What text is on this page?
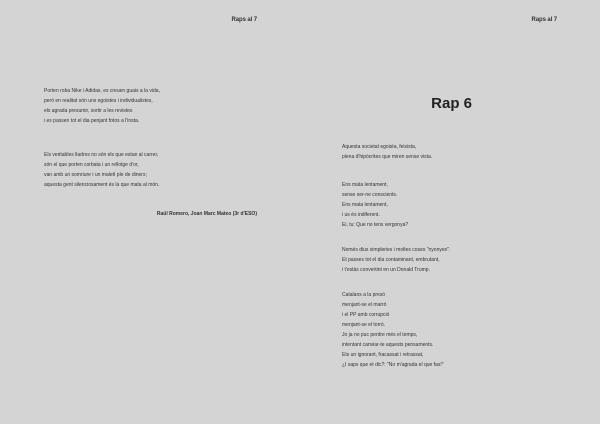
Raps al 7
Porten roba Nike i Adidas, es creuen guais a la vida,
però en realitat són uns egoistes i individualistes,
els agrada presumir, sortir a les revistes
i es passen tot el dia penjant fotos a l'insta.
Els veritables lladres no són els que estan al carrer,
són el que porten corbata i un rellotge d'or,
van amb un somriure i un maletí ple de diners;
aquesta gent silenciosament és la que mata al món.
Raül Romero, Joan Marc Mateo (3r d'ESO)
Raps al 7
Rap 6
Aquesta societat egoista, feixista,
plena d'hipòcrites que miren sense vista.
Ens mata lentament,
sense ser-ne conscients.
Ens mata lentament,
i us és indiferent.
Ei, tu: Que no tens vergonya?
Només dius ximpleries i moltes coses "nyonyes".
Et passes tot el dia contaminant, embrutant,
i t'estàs convertint en un Donald Trump.
Catalans a la presó
menjant-se el marró
i el PP amb corrupció
menjant-se el torró.
Jo ja no puc perdre més el temps,
intentant canviar-te aquests pensaments.
Ets un ignorant, fracassat i retrassat,
¿I saps que et dic?: "No m'agrada el que fas!"
